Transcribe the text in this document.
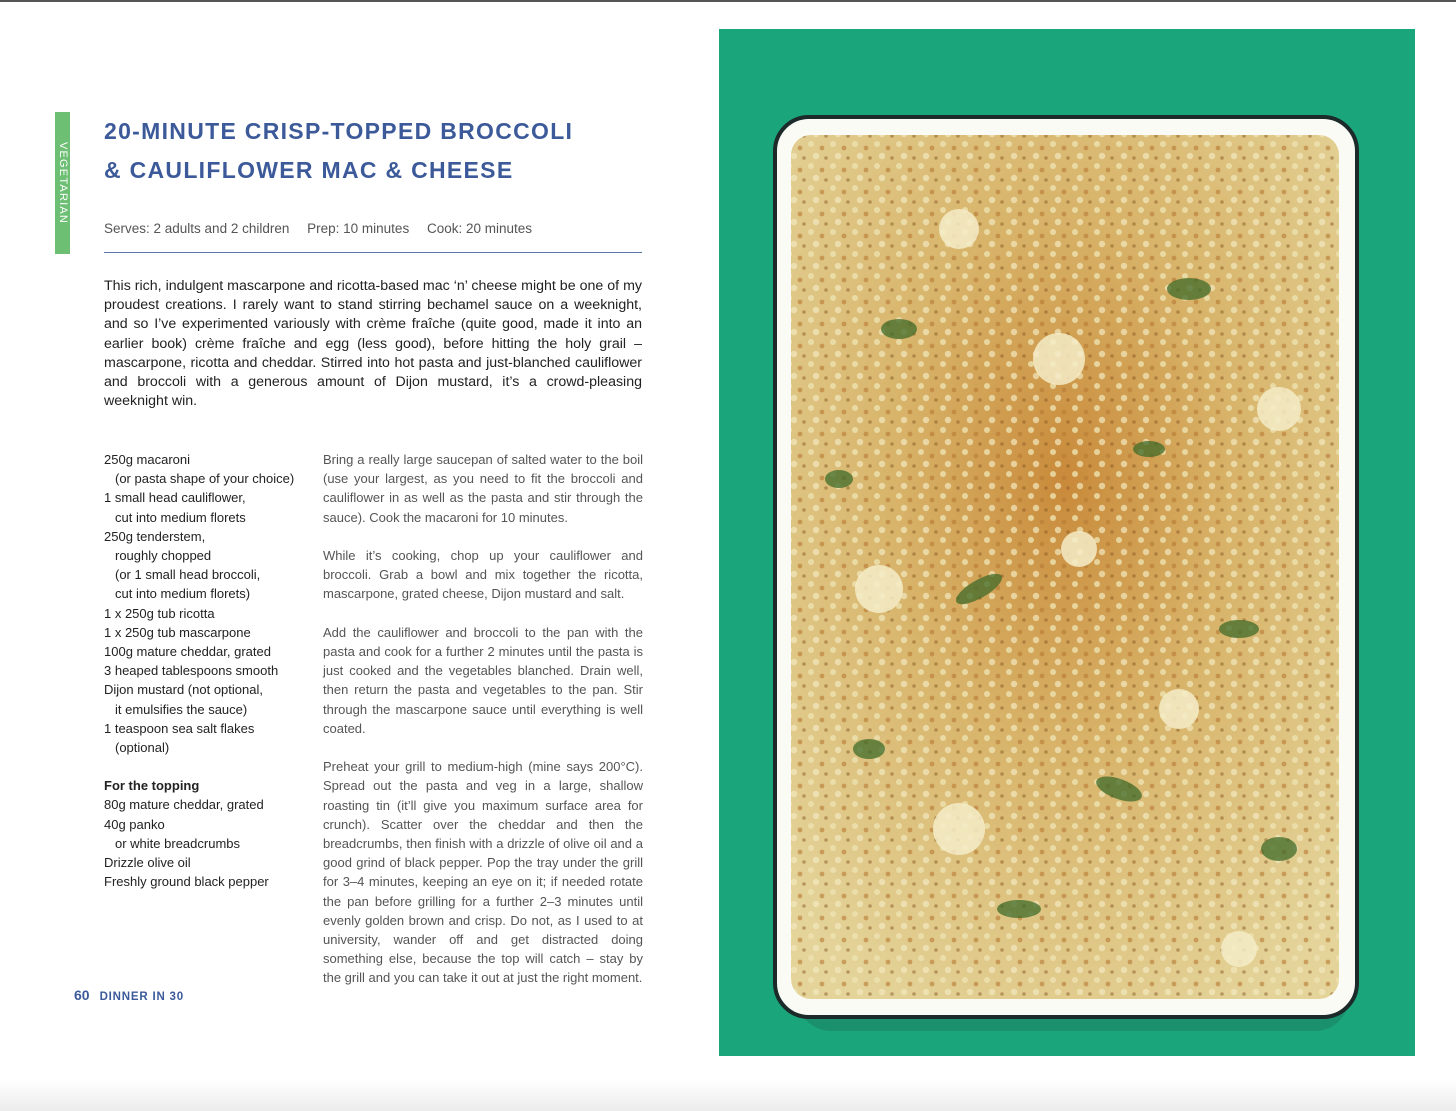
VEGETARIAN
20-MINUTE CRISP-TOPPED BROCCOLI
& CAULIFLOWER MAC & CHEESE
Serves: 2 adults and 2 children Prep: 10 minutes Cook: 20 minutes

This rich, indulgent mascarpone and ricotta-based mac ‘n’ cheese might be one of my proudest creations. I rarely want to stand stirring bechamel sauce on a weeknight, and so I’ve experimented variously with crème fraîche (quite good, made it into an earlier book) crème fraîche and egg (less good), before hitting the holy grail – mascarpone, ricotta and cheddar. Stirred into hot pasta and just-blanched cauliflower and broccoli with a generous amount of Dijon mustard, it’s a crowd-pleasing weeknight win.

250g macaroni
(or pasta shape of your choice)
1 small head cauliflower,
cut into medium florets
250g tenderstem,
roughly chopped
(or 1 small head broccoli,
cut into medium florets)
1 x 250g tub ricotta
1 x 250g tub mascarpone
100g mature cheddar, grated
3 heaped tablespoons smooth
Dijon mustard (not optional,
it emulsifies the sauce)
1 teaspoon sea salt flakes
(optional)
For the topping
80g mature cheddar, grated
40g panko
or white breadcrumbs
Drizzle olive oil
Freshly ground black pepper

Bring a really large saucepan of salted water to the boil (use your largest, as you need to fit the broccoli and cauliflower in as well as the pasta and stir through the sauce). Cook the macaroni for 10 minutes.

While it’s cooking, chop up your cauliflower and broccoli. Grab a bowl and mix together the ricotta, mascarpone, grated cheese, Dijon mustard and salt.

Add the cauliflower and broccoli to the pan with the pasta and cook for a further 2 minutes until the pasta is just cooked and the vegetables blanched. Drain well, then return the pasta and vegetables to the pan. Stir through the mascarpone sauce until everything is well coated.

Preheat your grill to medium-high (mine says 200°C). Spread out the pasta and veg in a large, shallow roasting tin (it’ll give you maximum surface area for crunch). Scatter over the cheddar and then the breadcrumbs, then finish with a drizzle of olive oil and a good grind of black pepper. Pop the tray under the grill for 3–4 minutes, keeping an eye on it; if needed rotate the pan before grilling for a further 2–3 minutes until evenly golden brown and crisp. Do not, as I used to at university, wander off and get distracted doing something else, because the top will catch – stay by the grill and you can take it out at just the right moment.

60 DINNER IN 30
